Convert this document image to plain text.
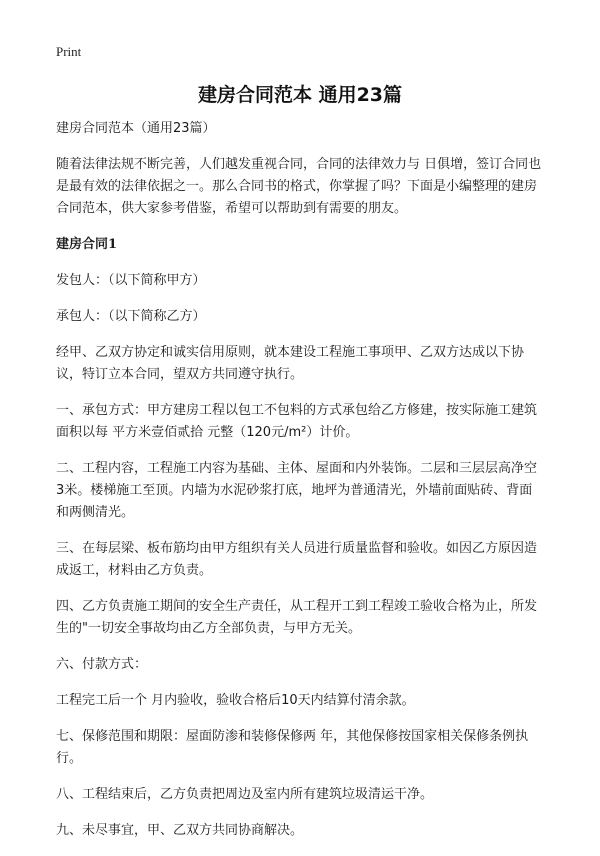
Print
建房合同范本 通用23篇

建房合同范本（通用23篇）

随着法律法规不断完善，人们越发重视合同，合同的法律效力与 日俱增，签订合同也是最有效的法律依据之一。那么合同书的格式，你掌握了吗？下面是小编整理的建房合同范本，供大家参考借鉴，希望可以帮助到有需要的朋友。

建房合同1

发包人：（以下简称甲方）

承包人：（以下简称乙方）

经甲、乙双方协定和诚实信用原则，就本建设工程施工事项甲、乙双方达成以下协议，特订立本合同，望双方共同遵守执行。

一、承包方式：甲方建房工程以包工不包料的方式承包给乙方修建，按实际施工建筑面积以每 平方米壹佰贰拾 元整（120元/m²）计价。

二、工程内容，工程施工内容为基础、主体、屋面和内外装饰。二层和三层层高净空3米。楼梯施工至顶。内墙为水泥砂浆打底，地坪为普通清光，外墙前面贴砖、背面和两侧清光。

三、在每层梁、板布筋均由甲方组织有关人员进行质量监督和验收。如因乙方原因造成返工，材料由乙方负责。

四、乙方负责施工期间的安全生产责任，从工程开工到工程竣工验收合格为止，所发生的"一切安全事故均由乙方全部负责，与甲方无关。

六、付款方式：

工程完工后一个 月内验收，验收合格后10天内结算付清余款。

七、保修范围和期限：屋面防渗和装修保修两 年，其他保修按国家相关保修条例执行。

八、工程结束后，乙方负责把周边及室内所有建筑垃圾清运干净。

九、未尽事宜，甲、乙双方共同协商解决。
